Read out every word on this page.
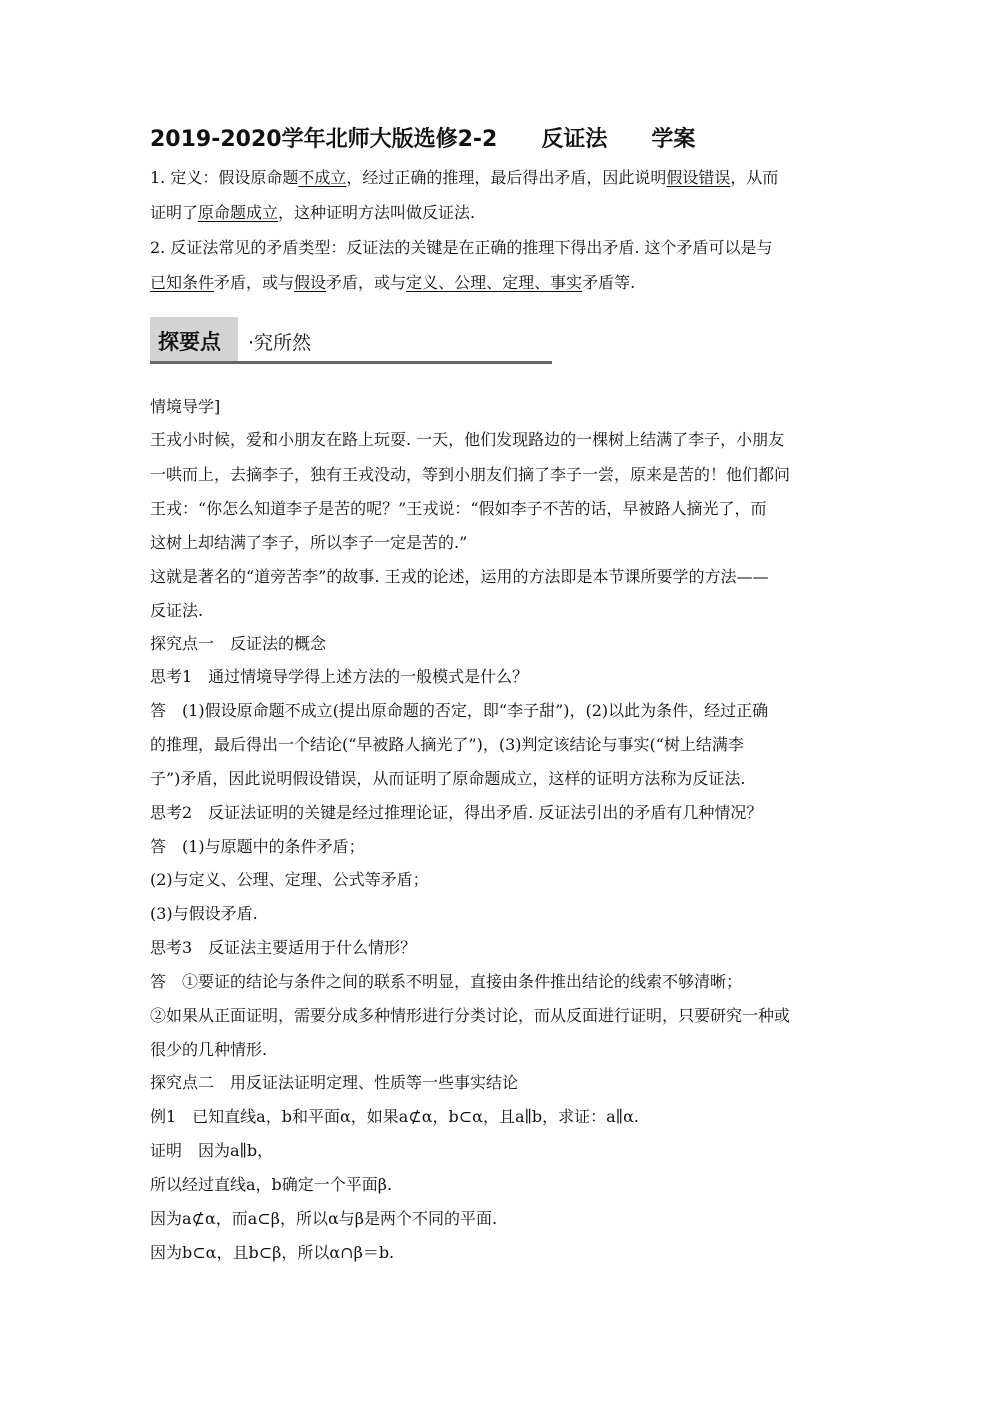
2019-2020学年北师大版选修2-2　　反证法　　学案
1. 定义：假设原命题不成立，经过正确的推理，最后得出矛盾，因此说明假设错误，从而
证明了原命题成立，这种证明方法叫做反证法.
2. 反证法常见的矛盾类型：反证法的关键是在正确的推理下得出矛盾. 这个矛盾可以是与
已知条件矛盾，或与假设矛盾，或与定义、公理、定理、事实矛盾等.
探要点 ·究所然
情境导学]
王戎小时候，爱和小朋友在路上玩耍. 一天，他们发现路边的一棵树上结满了李子，小朋友
一哄而上，去摘李子，独有王戎没动，等到小朋友们摘了李子一尝，原来是苦的！他们都问
王戎：“你怎么知道李子是苦的呢？”王戎说：“假如李子不苦的话，早被路人摘光了，而
这树上却结满了李子，所以李子一定是苦的.”
这就是著名的“道旁苦李”的故事. 王戎的论述，运用的方法即是本节课所要学的方法——
反证法.
探究点一　反证法的概念
思考1　通过情境导学得上述方法的一般模式是什么？
答　(1)假设原命题不成立(提出原命题的否定，即“李子甜”)，(2)以此为条件，经过正确
的推理，最后得出一个结论(“早被路人摘光了”)，(3)判定该结论与事实(“树上结满李
子”)矛盾，因此说明假设错误，从而证明了原命题成立，这样的证明方法称为反证法.
思考2　反证法证明的关键是经过推理论证，得出矛盾. 反证法引出的矛盾有几种情况？
答　(1)与原题中的条件矛盾；
(2)与定义、公理、定理、公式等矛盾；
(3)与假设矛盾.
思考3　反证法主要适用于什么情形？
答　①要证的结论与条件之间的联系不明显，直接由条件推出结论的线索不够清晰；
②如果从正面证明，需要分成多种情形进行分类讨论，而从反面进行证明，只要研究一种或
很少的几种情形.
探究点二　用反证法证明定理、性质等一些事实结论
例1　已知直线a，b和平面α，如果a⊄α，b⊂α，且a∥b，求证：a∥α.
证明　因为a∥b，
所以经过直线a，b确定一个平面β.
因为a⊄α，而a⊂β，所以α与β是两个不同的平面.
因为b⊂α，且b⊂β，所以α∩β＝b.
